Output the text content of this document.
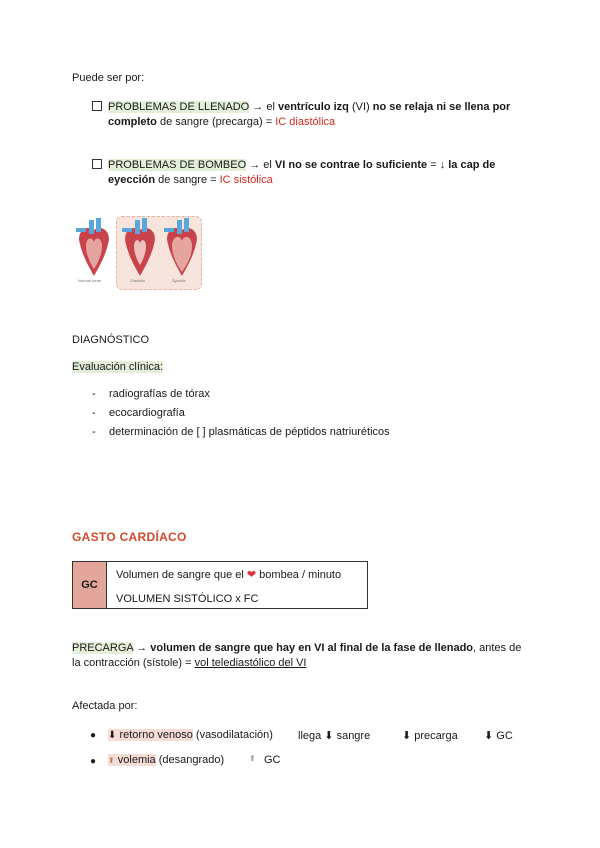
Puede ser por:
PROBLEMAS DE LLENADO → el ventrículo izq (VI) no se relaja ni se llena por
completo de sangre (precarga) = IC diastólica
PROBLEMAS DE BOMBEO → el VI no se contrae lo suficiente = ↓ la cap de
eyección de sangre = IC sistólica
Normal heart	Diastolic	Systolic
DIAGNÓSTICO
Evaluación clínica:
- radiografías de tórax
- ecocardiografía
- determinación de [ ] plasmáticas de péptidos natriuréticos
GASTO CARDÍACO
GC
Volumen de sangre que el ❤ bombea / minuto
VOLUMEN SISTÓLICO x FC
PRECARGA → volumen de sangre que hay en VI al final de la fase de llenado, antes de
la contracción (sístole) = vol telediastólico del VI
Afectada por:
● ⬇ retorno venoso (vasodilatación) llega ⬇ sangre	⬇ precarga ⬇ GC
● ⬆ volemia (desangrado)	⬆ GC
